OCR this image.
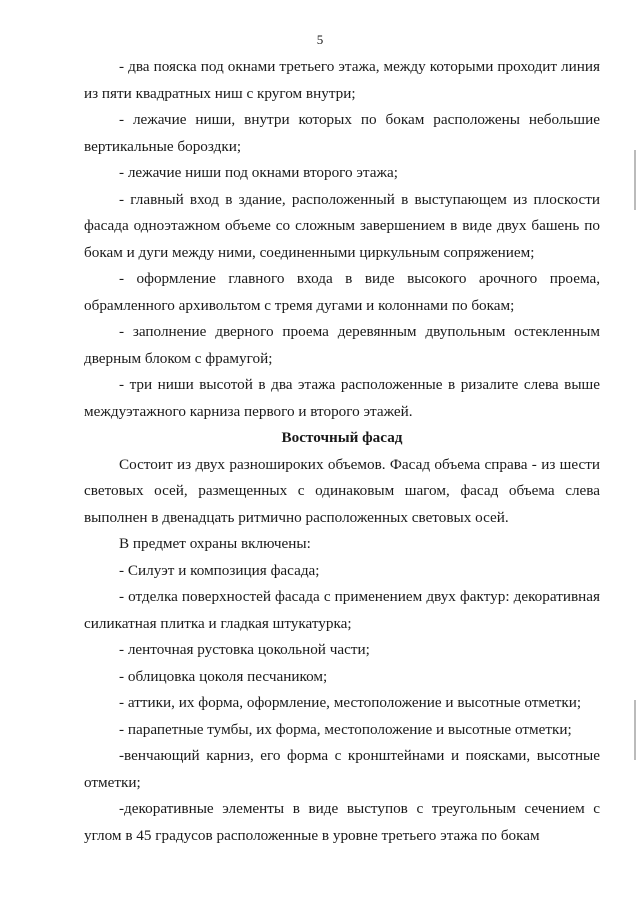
5

- два пояска под окнами третьего этажа, между которыми проходит линия из пяти квадратных ниш с кругом внутри;

- лежачие ниши, внутри которых по бокам расположены небольшие вертикальные бороздки;

- лежачие ниши под окнами второго этажа;

- главный вход в здание, расположенный в выступающем из плоскости фасада одноэтажном объеме со сложным завершением в виде двух башень по бокам и дуги между ними, соединенными циркульным сопряжением;

- оформление главного входа в виде высокого арочного проема, обрамленного архивольтом с тремя дугами и колоннами по бокам;

- заполнение дверного проема деревянным двупольным остекленным дверным блоком с фрамугой;

- три ниши высотой в два этажа расположенные в ризалите слева выше междуэтажного карниза первого и второго этажей.

Восточный фасад

Состоит из двух разноширокиx объемов. Фасад объема справа - из шести световых осей, размещенных с одинаковым шагом, фасад объема слева выполнен в двенадцать ритмично расположенных световых осей.

В предмет охраны включены:

- Силуэт и композиция фасада;

- отделка поверхностей фасада с применением двух фактур: декоративная силикатная плитка и гладкая штукатурка;

- ленточная рустовка цокольной части;

- облицовка цоколя песчаником;

- аттики, их форма, оформление, местоположение и высотные отметки;

- парапетные тумбы, их форма, местоположение и высотные отметки;

-венчающий карниз, его форма с кронштейнами и поясками, высотные отметки;

-декоративные элементы в виде выступов с треугольным сечением с углом в 45 градусов расположенные в уровне третьего этажа по бокам
